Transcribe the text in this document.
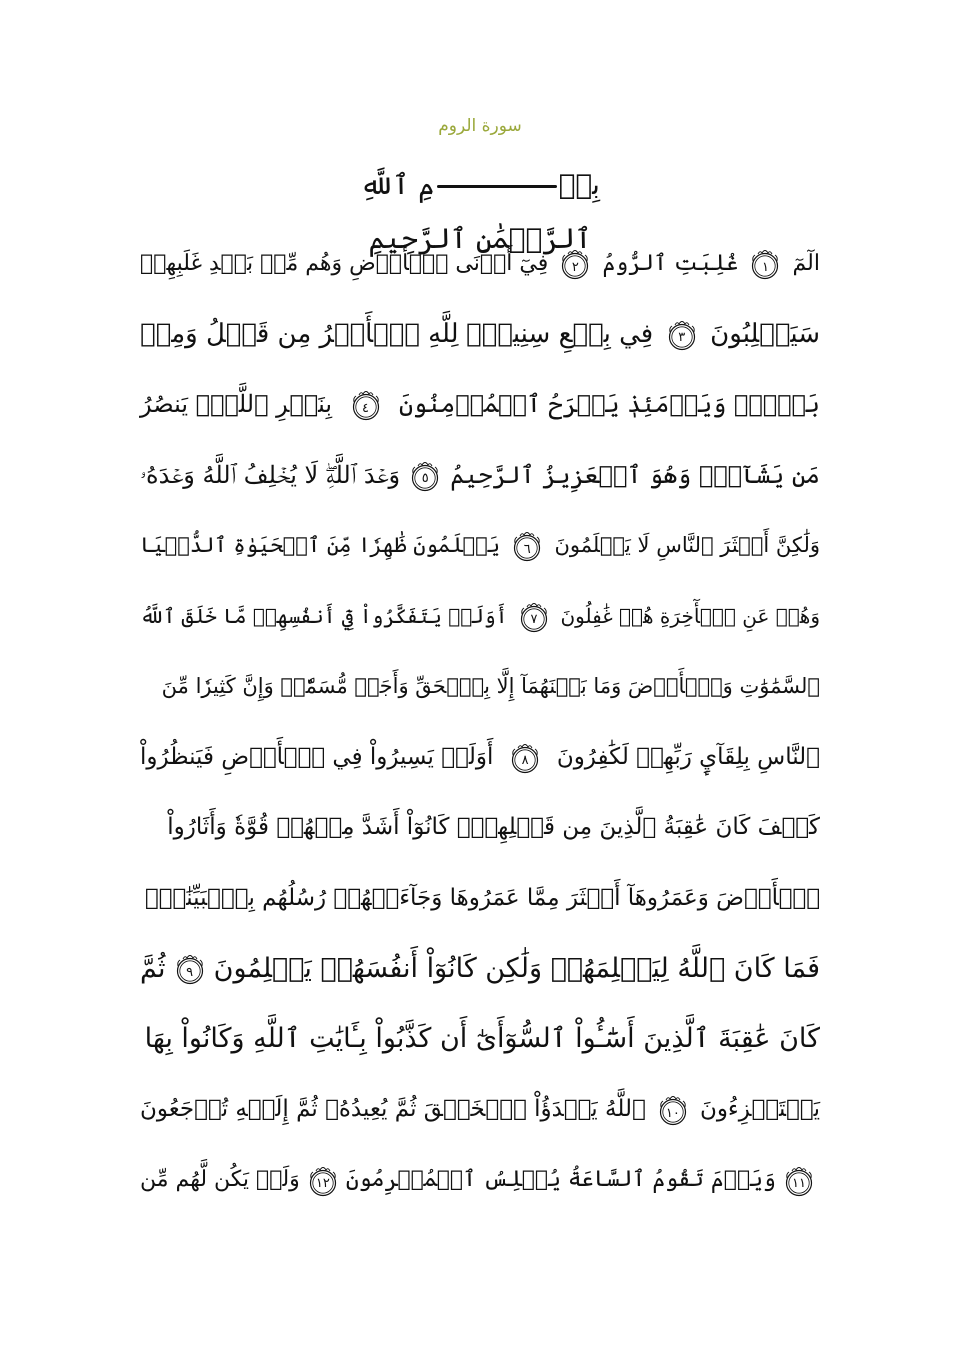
سورة الروم
بِسۡمِ ٱللَّهِ ٱلرَّحۡمَٰنِ ٱلرَّحِيمِ
الٓمٓ
١
غُلِبَتِ ٱلرُّومُ
٢
فِيٓ أَدۡنَى ٱلۡأَرۡضِ وَهُم مِّنۢ بَعۡدِ غَلَبِهِمۡ
سَيَغۡلِبُونَ
٣
فِي بِضۡعِ سِنِينَۗ
لِلَّهِ ٱلۡأَمۡرُ مِن قَبۡلُ وَمِنۢ
بَعۡدُۚ وَيَوۡمَئِذٖ يَفۡرَحُ ٱلۡمُؤۡمِنُونَ
٤
بِنَصۡرِ ٱللَّهِۚ يَنصُرُ
مَن يَشَآءُۖ وَهُوَ ٱلۡعَزِيزُ ٱلرَّحِيمُ
٥
وَعۡدَ ٱللَّهِۖ لَا يُخۡلِفُ ٱللَّهُ وَعۡدَهُۥ
وَلَٰكِنَّ أَكۡثَرَ ٱلنَّاسِ لَا يَعۡلَمُونَ
٦
يَعۡلَمُونَ ظَٰهِرٗا مِّنَ ٱلۡحَيَوٰةِ ٱلدُّنۡيَا
وَهُمۡ عَنِ ٱلۡأٓخِرَةِ هُمۡ غَٰفِلُونَ
٧
أَوَلَمۡ يَتَفَكَّرُواْ فِيٓ أَنفُسِهِمۗ مَّا خَلَقَ ٱللَّهُ
ٱلسَّمَٰوَٰتِ وَٱلۡأَرۡضَ وَمَا بَيۡنَهُمَآ إِلَّا بِٱلۡحَقِّ وَأَجَلٖ مُّسَمّٗىۗ وَإِنَّ كَثِيرٗا مِّنَ
ٱلنَّاسِ بِلِقَآيِٕ رَبِّهِمۡ لَكَٰفِرُونَ
٨
أَوَلَمۡ يَسِيرُواْ فِي ٱلۡأَرۡضِ فَيَنظُرُواْ
كَيۡفَ كَانَ عَٰقِبَةُ ٱلَّذِينَ مِن قَبۡلِهِمۡۚ كَانُوٓاْ أَشَدَّ مِنۡهُمۡ قُوَّةٗ وَأَثَارُواْ
ٱلۡأَرۡضَ وَعَمَرُوهَآ أَكۡثَرَ مِمَّا عَمَرُوهَا وَجَآءَتۡهُمۡ رُسُلُهُم بِٱلۡبَيِّنَٰتِۖ
فَمَا كَانَ ٱللَّهُ لِيَظۡلِمَهُمۡ وَلَٰكِن كَانُوٓاْ أَنفُسَهُمۡ يَظۡلِمُونَ
٩
ثُمَّ
كَانَ عَٰقِبَةَ ٱلَّذِينَ أَسَٰٓـُٔواْ ٱلسُّوٓأَىٰٓ أَن كَذَّبُواْ بِـَٔايَٰتِ ٱللَّهِ وَكَانُواْ بِهَا
يَسۡتَهۡزِءُونَ
١٠
ٱللَّهُ يَبۡدَؤُاْ ٱلۡخَلۡقَ ثُمَّ يُعِيدُهُۥ ثُمَّ إِلَيۡهِ تُرۡجَعُونَ
١١
وَيَوۡمَ تَقُومُ ٱلسَّاعَةُ يُبۡلِسُ ٱلۡمُجۡرِمُونَ
١٢
وَلَمۡ يَكُن لَّهُم مِّن
